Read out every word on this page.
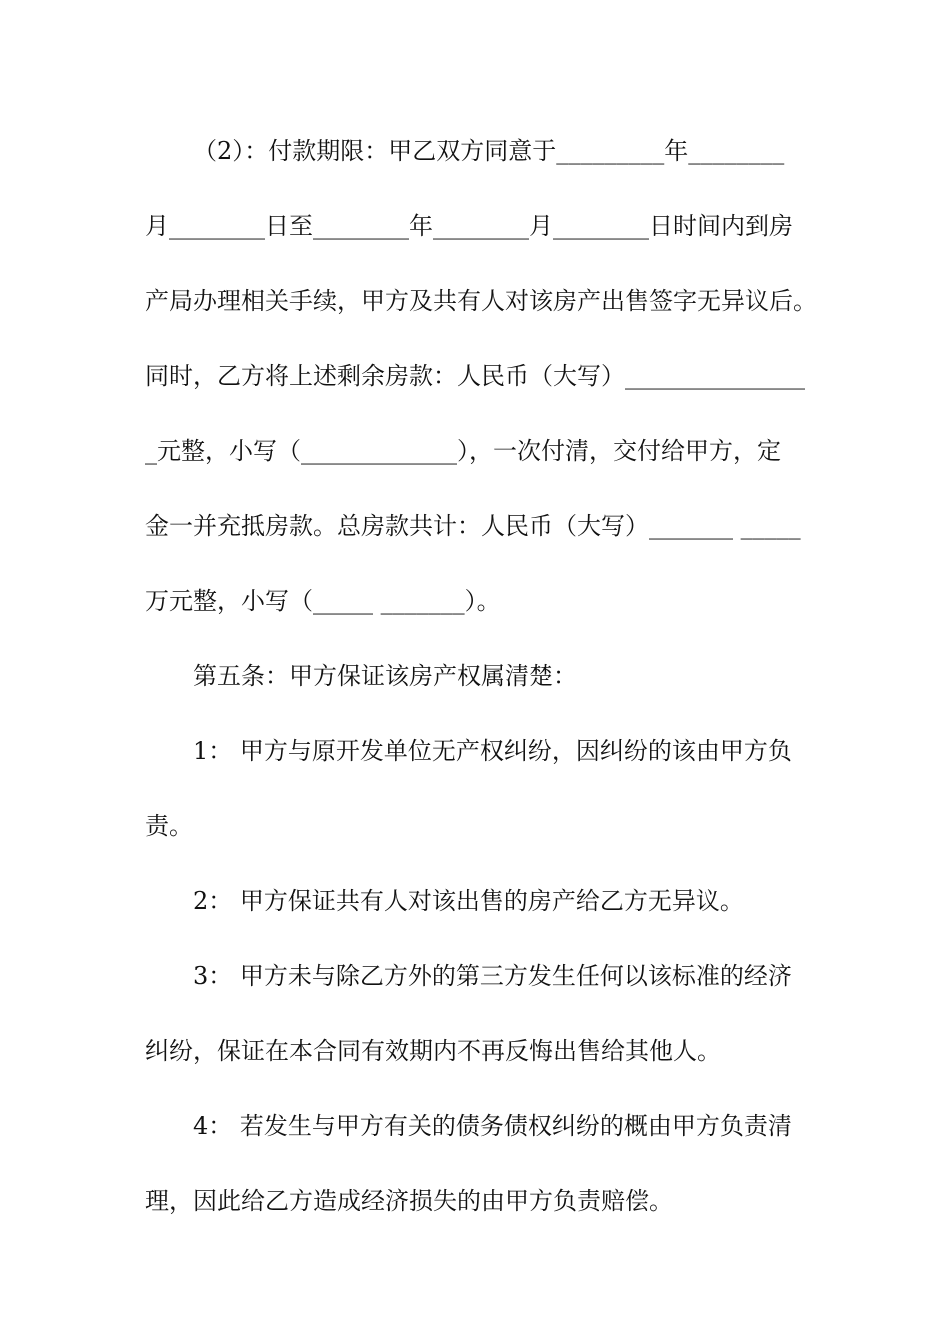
（2）：付款期限：甲乙双方同意于_________年________
月________日至________年________月________日时间内到房
产局办理相关手续，甲方及共有人对该房产出售签字无异议后。
同时，乙方将上述剩余房款：人民币（大写）_______________
_元整，小写（_____________），一次付清，交付给甲方，定
金一并充抵房款。总房款共计：人民币（大写）_______ _____
万元整，小写（_____ _______）。
第五条：甲方保证该房产权属清楚：
1： 甲方与原开发单位无产权纠纷，因纠纷的该由甲方负
责。
2： 甲方保证共有人对该出售的房产给乙方无异议。
3： 甲方未与除乙方外的第三方发生任何以该标准的经济
纠纷，保证在本合同有效期内不再反悔出售给其他人。
4： 若发生与甲方有关的债务债权纠纷的概由甲方负责清
理，因此给乙方造成经济损失的由甲方负责赔偿。
